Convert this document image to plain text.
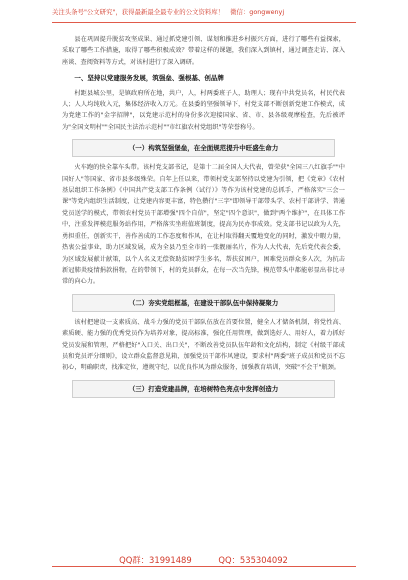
关注头条号"公文研究"，获得最新最全最专业的公文资料库！ 微信：gongwenyj

县在巩固提升脱贫攻坚成果、通过抓党建引领、谋划和推进乡村振兴方面，进行了哪些有益探索，采取了哪些工作措施，取得了哪些积极成效？带着这样的课题，我们深入到镇村，通过调查走访、深入座谈、查阅资料等方式，对该村进行了深入调研。

一、坚持以党建服务发展，筑强垒、强根基、创品牌

村距县城公里，是镇政府所在地，共户，人，村两委班子人，助理人；现有中共党员名，村民代表人；人人均纯收入元，集体经济收入万元。在县委的坚强领导下，村党支部不断创新党建工作模式，成为党建工作的"金字招牌"，以党建示范村的身份多次迎接国家、省、市、县各级观摩检查，先后被评为"全国文明村""全国民主法治示范村""市红旗农村党组织"等荣誉称号。

（一）构筑坚强堡垒，在全面规范提升中旺盛生命力

火车跑的快全靠车头带。该村党支部书记，是第十二届全国人大代表，曾荣获"全国三八红旗手""中国好人"等国家、省市县多级殊荣。自年上任以来，带领村党支部坚持以党建为引领，把《党章》《农村基层组织工作条例》《中国共产党支部工作条例（试行）》等作为该村党建的总抓手，严格落实"三会一课"等党内组织生活制度，让党建内容更丰富，特色攒行"三字"即领导干部带头学、农村干部讲学、普通党员送学的模式，带领农村党员干部增强"四个自信"，坚定"四个意识"，做到"两个维护"，在具体工作中，注重发挥模范服务站作用，严格落实坐班值班制度，提高为民办事成效。党支部书记以政为人先，勇担重任，创新实干，善作善成的工作态度和作风，在让村取得翻天覆地变化的同时，激发中暇力量，热衷公益事业，助力区域发展，成为全县乃至全市的一张靓丽名片，作为人大代表，先后党代表会委，为区域发展献计献策，以个人名义无偿资助贫困学生多名，帮扶贫困户，困难党员群众多人次，为抗击新冠肺炎疫情捐款捐物，在的带领下，村的党员群众，在每一次当先锋，模范带头中都能彰显出非比寻常的向心力。

（二）夯实党组框基，在建设干部队伍中保持凝聚力

该村把建设一支素质高、战斗力强的党员干部队伍放在首要位置，健全人才储备机制，将党性高、素质硬、能力强的优秀党员作为培养对象，提高标准，强化任用管理，做到选好人、用好人，着力抓好党员发展和管理，严格把好"入口关、出口关"，不断改善党员队伍年龄和文化结构，制定《村级干部成员和党员评分细则》，设立群众监督意见箱，加强党员干部作风建设，要求村"两委"班子成员和党员不忘初心，明确职责，找准定位，遵规守纪，以优良作风为群众服务，加强教育培训，突破"不会干"瓶颈。

（三）打造党建品牌，在培树特色亮点中发挥创造力
QQ群：31991489	QQ：535304092
